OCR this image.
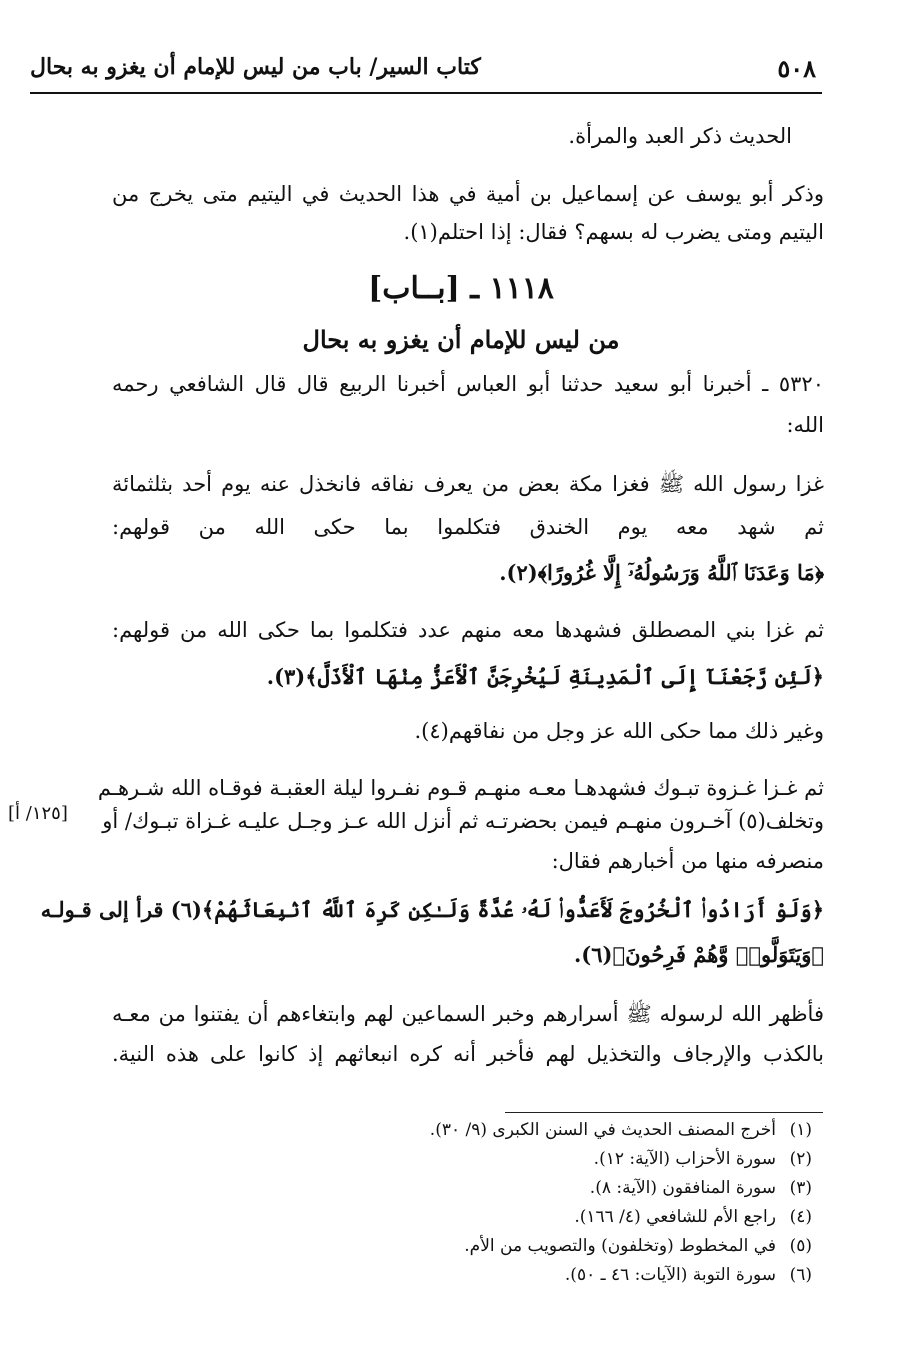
٥٠٨
كتاب السير/ باب من ليس للإمام أن يغزو به بحال
الحديث ذكر العبد والمرأة.
وذكر أبو يوسف عن إسماعيل بن أمية في هذا الحديث في اليتيم متى يخرج من
اليتيم ومتى يضرب له بسهم؟ فقال: إذا احتلم(١).
١١١٨ ـ [بــاب]
من ليس للإمام أن يغزو به بحال
٥٣٢٠ ـ أخبرنا أبو سعيد حدثنا أبو العباس أخبرنا الربيع قال قال الشافعي رحمه
الله:
غزا رسول الله ﷺ فغزا مكة بعض من يعرف نفاقه فانخذل عنه يوم أحد بثلثمائة
ثم شهد معه يوم الخندق فتكلموا بما حكى الله من قولهم:
﴿مَا وَعَدَنَا ٱللَّهُ وَرَسُولُهُۥٓ إِلَّا غُرُورًا﴾(٢).
ثم غزا بني المصطلق فشهدها معه منهم عدد فتكلموا بما حكى الله من قولهم:
﴿لَئِن رَّجَعْنَآ إِلَى ٱلْمَدِينَةِ لَيُخْرِجَنَّ ٱلْأَعَزُّ مِنْهَا ٱلْأَذَلَّ﴾(٣).
وغير ذلك مما حكى الله عز وجل من نفاقهم(٤).
ثم غـزا غـزوة تبـوك فشهدهـا معـه منهـم قـوم نفـروا ليلة العقبـة فوقـاه الله شـرهـم
وتخلف(٥) آخـرون منهـم فيمن بحضرتـه ثم أنزل الله عـز وجـل عليـه غـزاة تبـوك/ أو
منصرفه منها من أخبارهم فقال:
﴿وَلَوْ أَرَادُوا۟ ٱلْخُرُوجَ لَأَعَدُّوا۟ لَهُۥ عُدَّةً وَلَـٰكِن كَرِهَ ٱللَّهُ ٱنۢبِعَاثَهُمْ﴾(٦) قرأ إلى قـولـه
﴿وَيَتَوَلَّوا۟ وَّهُمْ فَرِحُونَ﴾(٦).
فأظهر الله لرسوله ﷺ أسرارهم وخبر السماعين لهم وابتغاءهم أن يفتنوا من معـه
بالكذب والإرجاف والتخذيل لهم فأخبر أنه كره انبعاثهم إذ كانوا على هذه النية.
[١٢٥/ أ]
(١)أخرج المصنف الحديث في السنن الكبرى (٩/ ٣٠).
(٢)سورة الأحزاب (الآية: ١٢).
(٣)سورة المنافقون (الآية: ٨).
(٤)راجع الأم للشافعي (٤/ ١٦٦).
(٥)في المخطوط (وتخلفون) والتصويب من الأم.
(٦)سورة التوبة (الآيات: ٤٦ ـ ٥٠).
